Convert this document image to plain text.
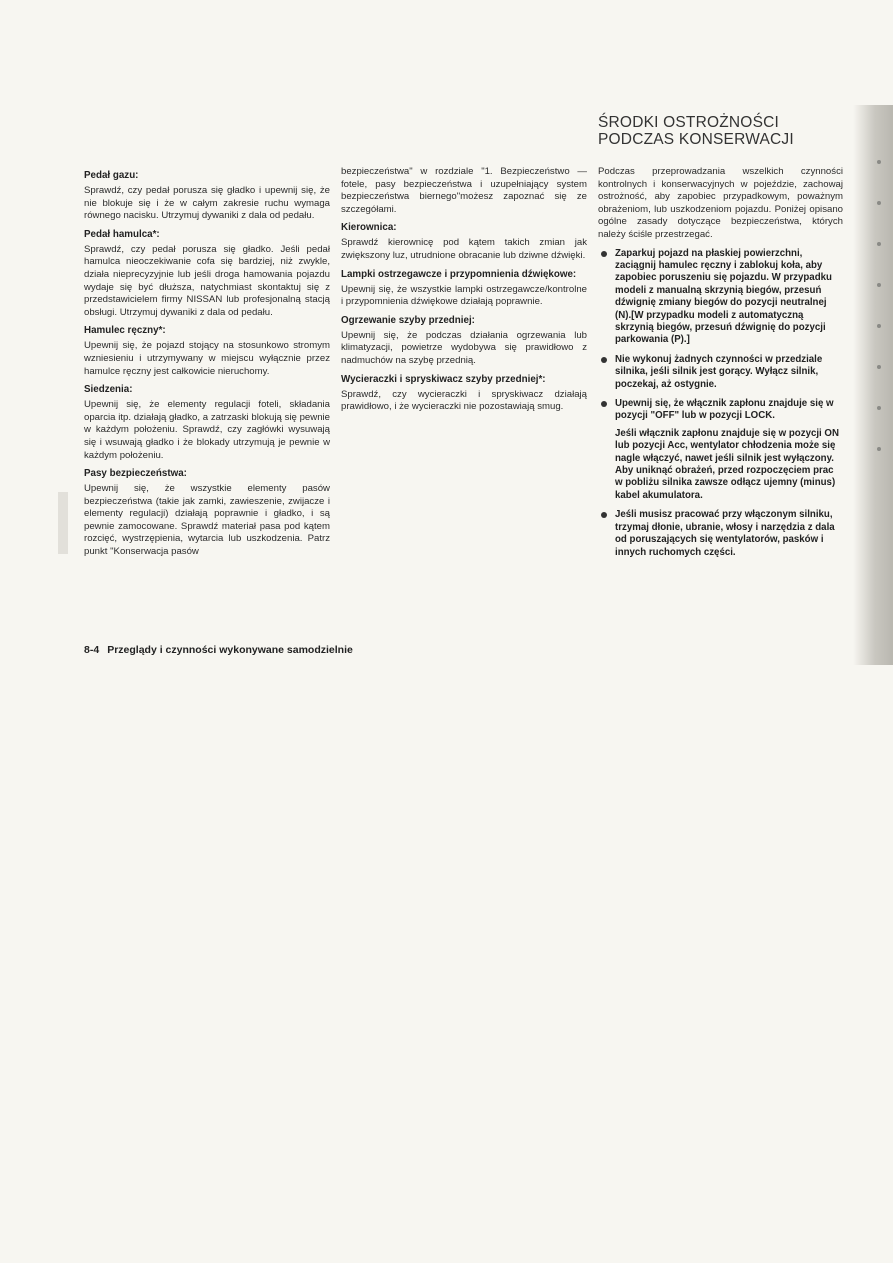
ŚRODKI OSTROŻNOŚCI
PODCZAS KONSERWACJI
Pedał gazu:

Sprawdź, czy pedał porusza się gładko i upewnij się, że nie blokuje się i że w całym zakresie ruchu wymaga równego nacisku. Utrzymuj dywaniki z dala od pedału.

Pedał hamulca*:

Sprawdź, czy pedał porusza się gładko. Jeśli pedał hamulca nieoczekiwanie cofa się bardziej, niż zwykle, działa nieprecyzyjnie lub jeśli droga hamowania pojazdu wydaje się być dłuższa, natychmiast skontaktuj się z przedstawicielem firmy NISSAN lub profesjonalną stacją obsługi. Utrzymuj dywaniki z dala od pedału.

Hamulec ręczny*:

Upewnij się, że pojazd stojący na stosunkowo stromym wzniesieniu i utrzymywany w miejscu wyłącznie przez hamulce ręczny jest całkowicie nieruchomy.

Siedzenia:

Upewnij się, że elementy regulacji foteli, składania oparcia itp. działają gładko, a zatrzaski blokują się pewnie w każdym położeniu. Sprawdź, czy zagłówki wysuwają się i wsuwają gładko i że blokady utrzymują je pewnie w każdym położeniu.

Pasy bezpieczeństwa:

Upewnij się, że wszystkie elementy pasów bezpieczeństwa (takie jak zamki, zawieszenie, zwijacze i elementy regulacji) działają poprawnie i gładko, i są pewnie zamocowane. Sprawdź materiał pasa pod kątem rozcięć, wystrzępienia, wytarcia lub uszkodzenia. Patrz punkt "Konserwacja pasów

bezpieczeństwa" w rozdziale "1. Bezpieczeństwo — fotele, pasy bezpieczeństwa i uzupełniający system bezpieczeństwa biernego"możesz zapoznać się ze szczegółami.

Kierownica:

Sprawdź kierownicę pod kątem takich zmian jak zwiększony luz, utrudnione obracanie lub dziwne dźwięki.

Lampki ostrzegawcze i przypomnienia dźwiękowe:

Upewnij się, że wszystkie lampki ostrzegawcze/kontrolne i przypomnienia dźwiękowe działają poprawnie.

Ogrzewanie szyby przedniej:

Upewnij się, że podczas działania ogrzewania lub klimatyzacji, powietrze wydobywa się prawidłowo z nadmuchów na szybę przednią.

Wycieraczki i spryskiwacz szyby przedniej*:

Sprawdź, czy wycieraczki i spryskiwacz działają prawidłowo, i że wycieraczki nie pozostawiają smug.

Podczas przeprowadzania wszelkich czynności kontrolnych i konserwacyjnych w pojeździe, zachowaj ostrożność, aby zapobiec przypadkowym, poważnym obrażeniom, lub uszkodzeniom pojazdu. Poniżej opisano ogólne zasady dotyczące bezpieczeństwa, których należy ściśle przestrzegać.

Zaparkuj pojazd na płaskiej powierzchni, zaciągnij hamulec ręczny i zablokuj koła, aby zapobiec poruszeniu się pojazdu. W przypadku modeli z manualną skrzynią biegów, przesuń dźwignię zmiany biegów do pozycji neutralnej (N).[W przypadku modeli z automatyczną skrzynią biegów, przesuń dźwignię do pozycji parkowania (P).]
Nie wykonuj żadnych czynności w przedziale silnika, jeśli silnik jest gorący. Wyłącz silnik, poczekaj, aż ostygnie.
Upewnij się, że włącznik zapłonu znajduje się w pozycji "OFF" lub w pozycji LOCK.

Jeśli włącznik zapłonu znajduje się w pozycji ON lub pozycji Acc, wentylator chłodzenia może się nagle włączyć, nawet jeśli silnik jest wyłączony. Aby uniknąć obrażeń, przed rozpoczęciem prac w pobliżu silnika zawsze odłącz ujemny (minus) kabel akumulatora.

Jeśli musisz pracować przy włączonym silniku, trzymaj dłonie, ubranie, włosy i narzędzia z dala od poruszających się wentylatorów, pasków i innych ruchomych części.
8-4 Przeglądy i czynności wykonywane samodzielnie
